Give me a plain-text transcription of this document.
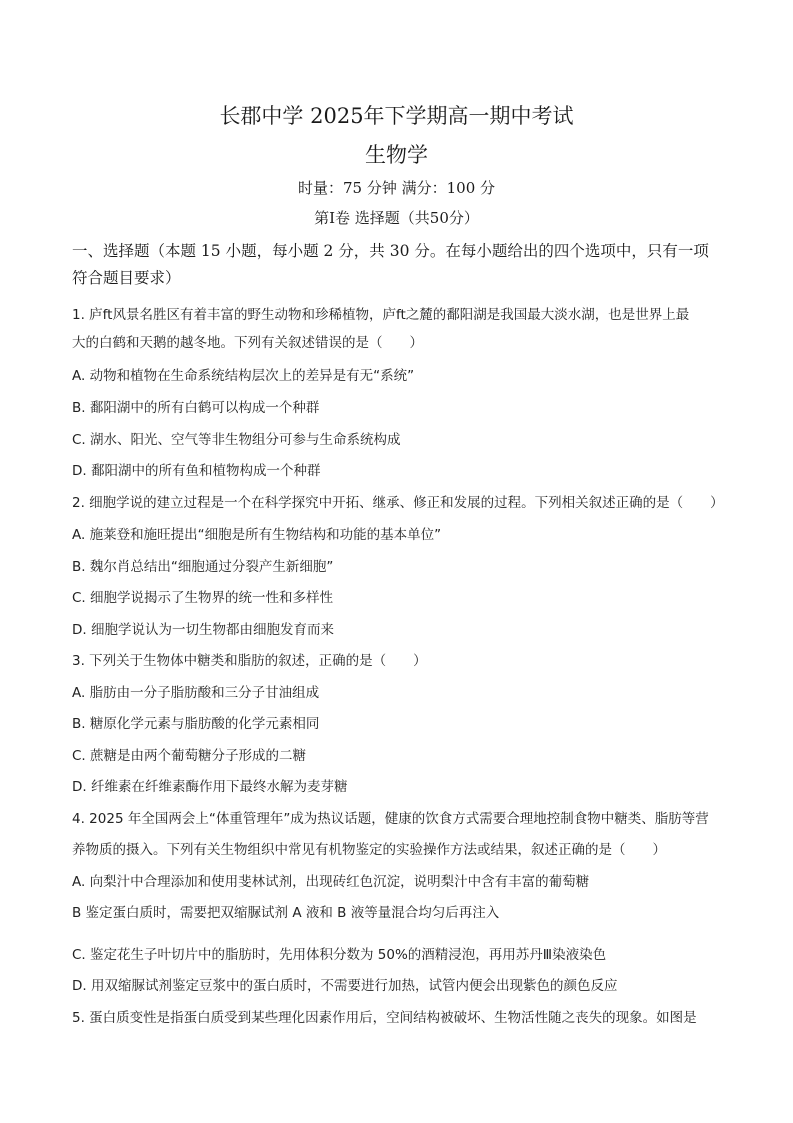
长郡中学 2025年下学期高一期中考试
生物学
时量：75 分钟 满分：100 分
第Ⅰ卷 选择题（共50分）
一、选择题（本题 15 小题，每小题 2 分，共 30 分。在每小题给出的四个选项中，只有一项
符合题目要求）
1. 庐ft风景名胜区有着丰富的野生动物和珍稀植物，庐ft之麓的鄱阳湖是我国最大淡水湖，也是世界上最
大的白鹤和天鹅的越冬地。下列有关叙述错误的是（　　）
A. 动物和植物在生命系统结构层次上的差异是有无“系统”
B. 鄱阳湖中的所有白鹤可以构成一个种群
C. 湖水、阳光、空气等非生物组分可参与生命系统构成
D. 鄱阳湖中的所有鱼和植物构成一个种群
2. 细胞学说的建立过程是一个在科学探究中开拓、继承、修正和发展的过程。下列相关叙述正确的是（　　）
A. 施莱登和施旺提出“细胞是所有生物结构和功能的基本单位”
B. 魏尔肖总结出“细胞通过分裂产生新细胞”
C. 细胞学说揭示了生物界的统一性和多样性
D. 细胞学说认为一切生物都由细胞发育而来
3. 下列关于生物体中糖类和脂肪的叙述，正确的是（　　）
A. 脂肪由一分子脂肪酸和三分子甘油组成
B. 糖原化学元素与脂肪酸的化学元素相同
C. 蔗糖是由两个葡萄糖分子形成的二糖
D. 纤维素在纤维素酶作用下最终水解为麦芽糖
4. 2025 年全国两会上“体重管理年”成为热议话题，健康的饮食方式需要合理地控制食物中糖类、脂肪等营
养物质的摄入。下列有关生物组织中常见有机物鉴定的实验操作方法或结果，叙述正确的是（　　）
A. 向梨汁中合理添加和使用斐林试剂，出现砖红色沉淀，说明梨汁中含有丰富的葡萄糖
B 鉴定蛋白质时，需要把双缩脲试剂 A 液和 B 液等量混合均匀后再注入
C. 鉴定花生子叶切片中的脂肪时，先用体积分数为 50%的酒精浸泡，再用苏丹Ⅲ染液染色
D. 用双缩脲试剂鉴定豆浆中的蛋白质时，不需要进行加热，试管内便会出现紫色的颜色反应
5. 蛋白质变性是指蛋白质受到某些理化因素作用后，空间结构被破坏、生物活性随之丧失的现象。如图是
